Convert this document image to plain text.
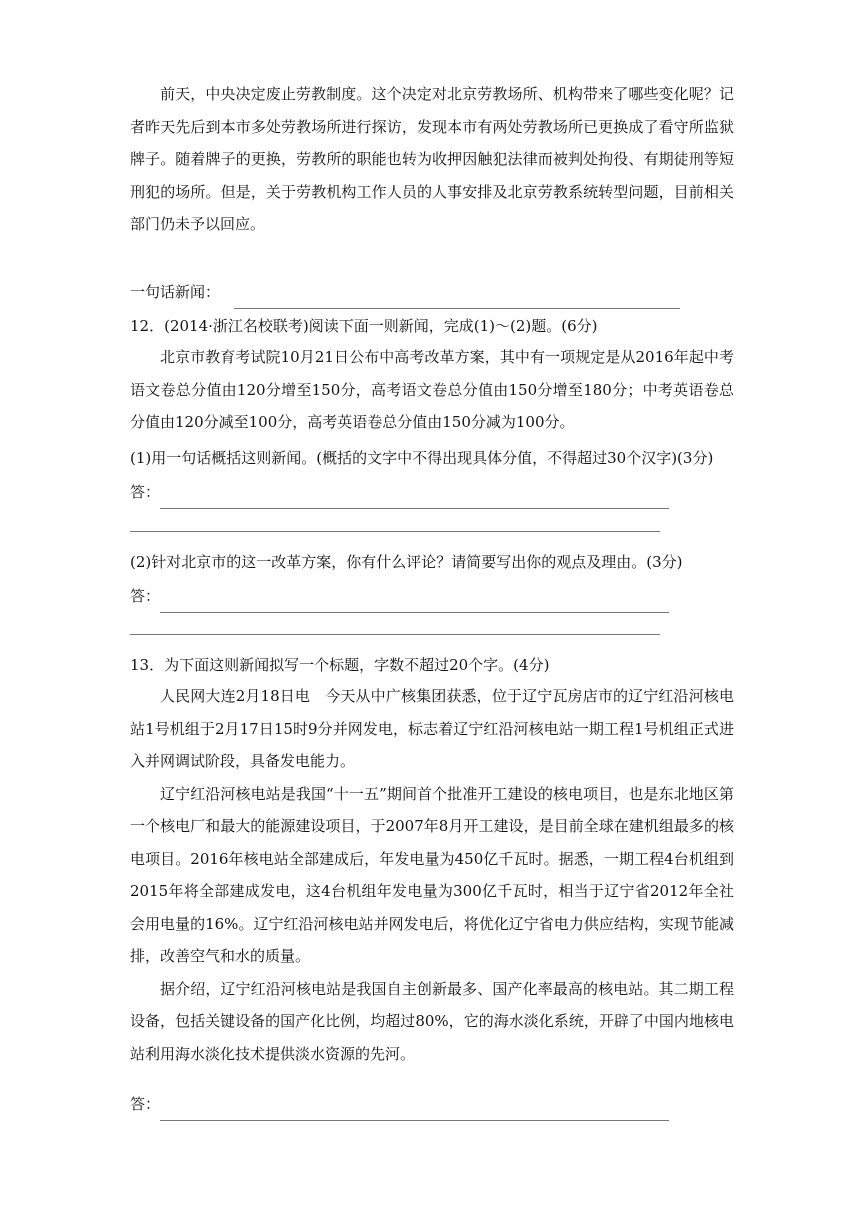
前天，中央决定废止劳教制度。这个决定对北京劳教场所、机构带来了哪些变化呢？记者昨天先后到本市多处劳教场所进行探访，发现本市有两处劳教场所已更换成了看守所监狱牌子。随着牌子的更换，劳教所的职能也转为收押因触犯法律而被判处拘役、有期徒刑等短刑犯的场所。但是，关于劳教机构工作人员的人事安排及北京劳教系统转型问题，目前相关部门仍未予以回应。

一句话新闻：

12．(2014·浙江名校联考)阅读下面一则新闻，完成(1)～(2)题。(6分)

北京市教育考试院10月21日公布中高考改革方案，其中有一项规定是从2016年起中考语文卷总分值由120分增至150分，高考语文卷总分值由150分增至180分；中考英语卷总分值由120分减至100分，高考英语卷总分值由150分减为100分。

(1)用一句话概括这则新闻。(概括的文字中不得出现具体分值，不得超过30个汉字)(3分)

答：

(2)针对北京市的这一改革方案，你有什么评论？请简要写出你的观点及理由。(3分)

答：

13．为下面这则新闻拟写一个标题，字数不超过20个字。(4分)

人民网大连2月18日电　今天从中广核集团获悉，位于辽宁瓦房店市的辽宁红沿河核电站1号机组于2月17日15时9分并网发电，标志着辽宁红沿河核电站一期工程1号机组正式进入并网调试阶段，具备发电能力。

辽宁红沿河核电站是我国“十一五”期间首个批准开工建设的核电项目，也是东北地区第一个核电厂和最大的能源建设项目，于2007年8月开工建设，是目前全球在建机组最多的核电项目。2016年核电站全部建成后，年发电量为450亿千瓦时。据悉，一期工程4台机组到2015年将全部建成发电，这4台机组年发电量为300亿千瓦时，相当于辽宁省2012年全社会用电量的16%。辽宁红沿河核电站并网发电后，将优化辽宁省电力供应结构，实现节能减排，改善空气和水的质量。

据介绍，辽宁红沿河核电站是我国自主创新最多、国产化率最高的核电站。其二期工程设备，包括关键设备的国产化比例，均超过80%，它的海水淡化系统，开辟了中国内地核电站利用海水淡化技术提供淡水资源的先河。

答：
